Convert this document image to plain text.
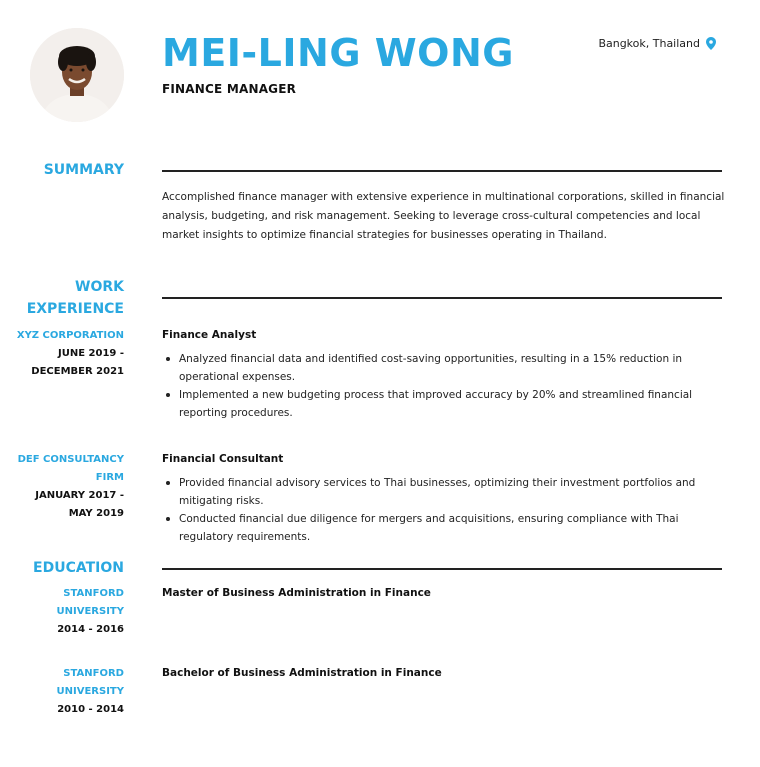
MEI-LING WONG
FINANCE MANAGER
Bangkok, Thailand
SUMMARY

Accomplished finance manager with extensive experience in multinational corporations, skilled in financial analysis, budgeting, and risk management. Seeking to leverage cross-cultural competencies and local market insights to optimize financial strategies for businesses operating in Thailand.

WORK
EXPERIENCE
XYZ CORPORATION
JUNE 2019 -
DECEMBER 2021
Finance Analyst
Analyzed financial data and identified cost-saving opportunities, resulting in a 15% reduction in operational expenses.
Implemented a new budgeting process that improved accuracy by 20% and streamlined financial reporting procedures.
DEF CONSULTANCY
FIRM
JANUARY 2017 -
MAY 2019
Financial Consultant
Provided financial advisory services to Thai businesses, optimizing their investment portfolios and mitigating risks.
Conducted financial due diligence for mergers and acquisitions, ensuring compliance with Thai regulatory requirements.
EDUCATION
STANFORD
UNIVERSITY
2014 - 2016
Master of Business Administration in Finance
STANFORD
UNIVERSITY
2010 - 2014
Bachelor of Business Administration in Finance
